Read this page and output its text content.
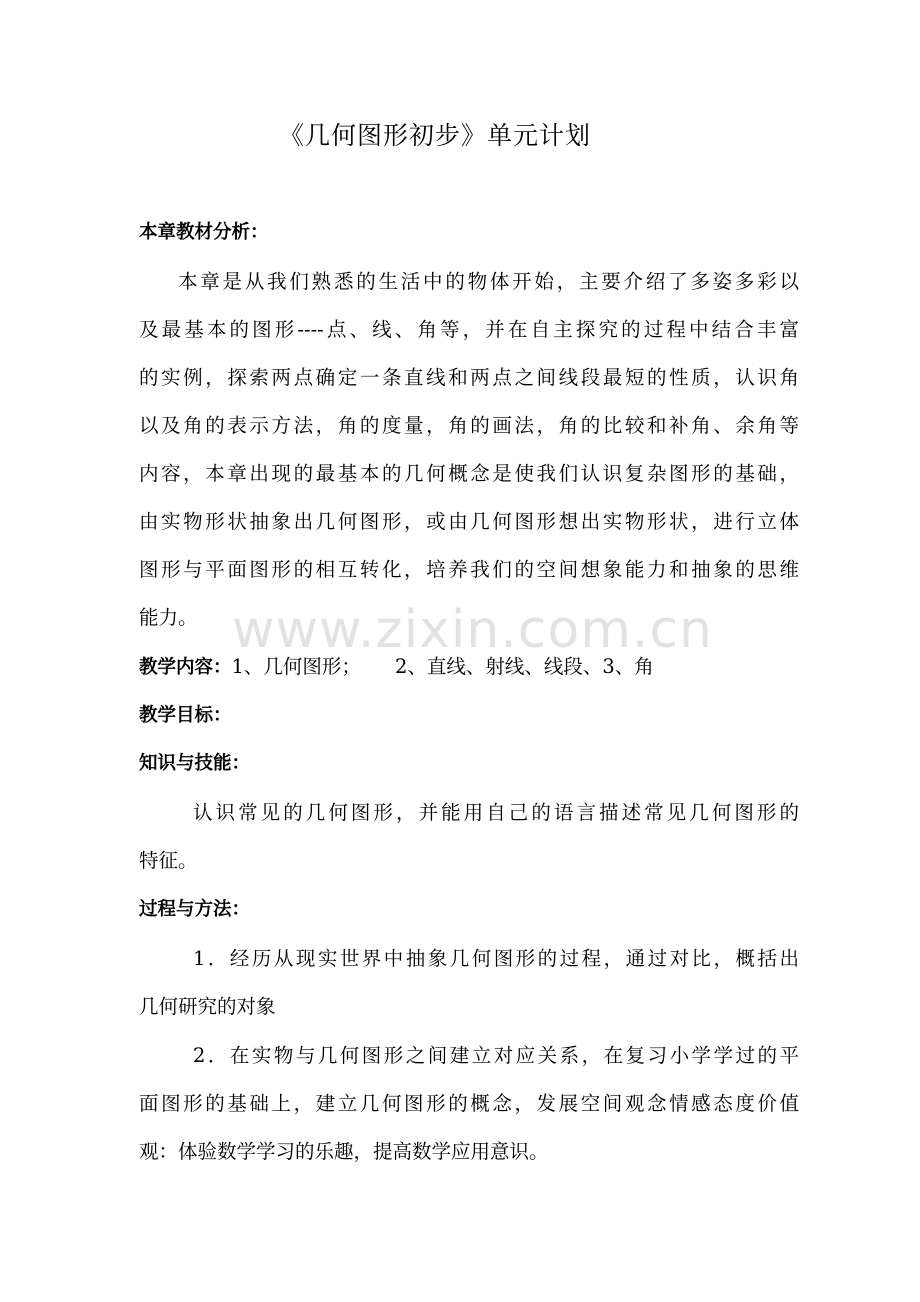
www.zixin.com.cn
《几何图形初步》单元计划
本章教材分析：
本章是从我们熟悉的生活中的物体开始，主要介绍了多姿多彩以
及最基本的图形----点、线、角等，并在自主探究的过程中结合丰富
的实例，探索两点确定一条直线和两点之间线段最短的性质，认识角
以及角的表示方法，角的度量，角的画法，角的比较和补角、余角等
内容，本章出现的最基本的几何概念是使我们认识复杂图形的基础，
由实物形状抽象出几何图形，或由几何图形想出实物形状，进行立体
图形与平面图形的相互转化，培养我们的空间想象能力和抽象的思维
能力。
教学内容：1、几何图形； 2、直线、射线、线段、3、角
教学目标：
知识与技能：
认识常见的几何图形，并能用自己的语言描述常见几何图形的
特征。
过程与方法：
1．经历从现实世界中抽象几何图形的过程，通过对比，概括出
几何研究的对象
2．在实物与几何图形之间建立对应关系，在复习小学学过的平
面图形的基础上，建立几何图形的概念，发展空间观念情感态度价值
观：体验数学学习的乐趣，提高数学应用意识。
